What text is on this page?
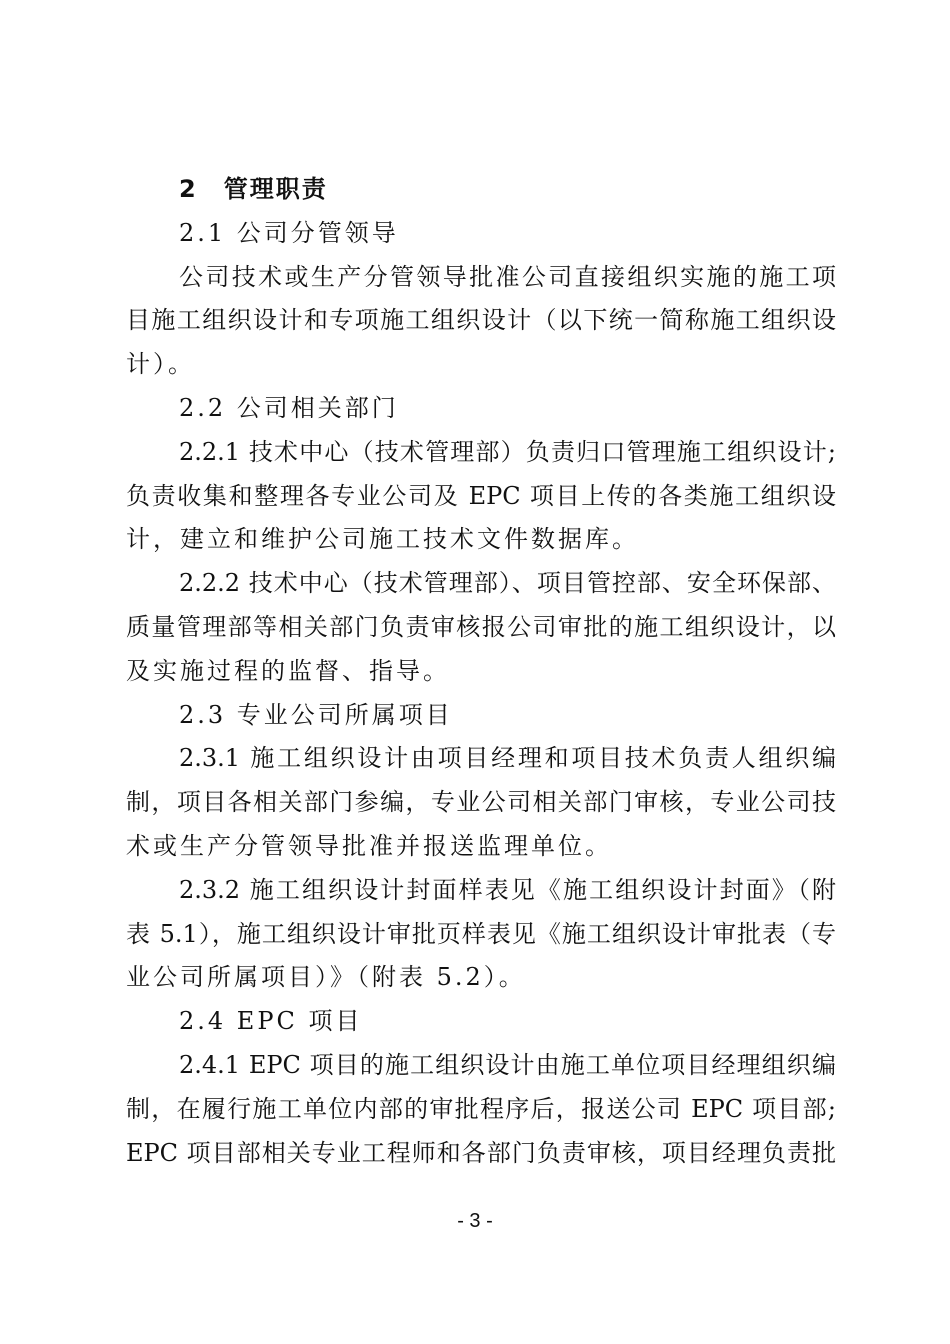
2　管理职责
2.1 公司分管领导
公司技术或生产分管领导批准公司直接组织实施的施工项
目施工组织设计和专项施工组织设计（以下统一简称施工组织设
计）。
2.2 公司相关部门
2.2.1 技术中心（技术管理部）负责归口管理施工组织设计;
负责收集和整理各专业公司及 EPC 项目上传的各类施工组织设
计，建立和维护公司施工技术文件数据库。
2.2.2 技术中心（技术管理部）、项目管控部、安全环保部、
质量管理部等相关部门负责审核报公司审批的施工组织设计，以
及实施过程的监督、指导。
2.3 专业公司所属项目
2.3.1 施工组织设计由项目经理和项目技术负责人组织编
制，项目各相关部门参编，专业公司相关部门审核，专业公司技
术或生产分管领导批准并报送监理单位。
2.3.2 施工组织设计封面样表见《施工组织设计封面》（附
表 5.1），施工组织设计审批页样表见《施工组织设计审批表（专
业公司所属项目）》（附表 5.2）。
2.4 EPC 项目
2.4.1 EPC 项目的施工组织设计由施工单位项目经理组织编
制，在履行施工单位内部的审批程序后，报送公司 EPC 项目部;
EPC 项目部相关专业工程师和各部门负责审核，项目经理负责批
- 3 -
